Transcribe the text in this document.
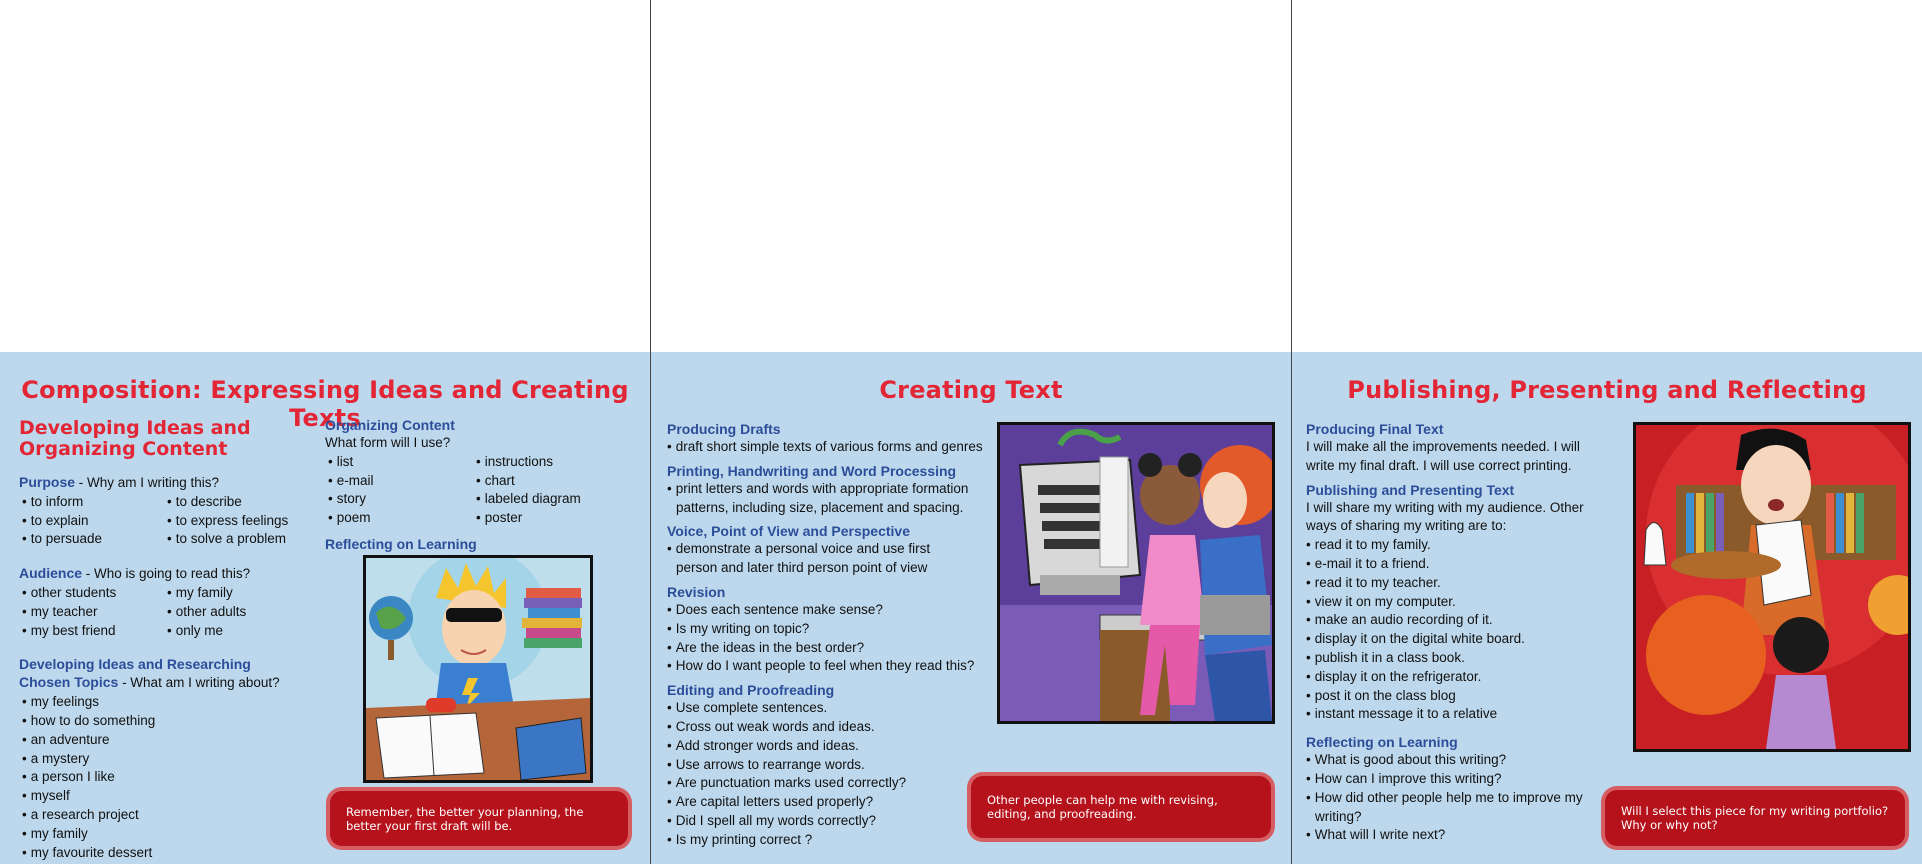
Composition: Expressing Ideas and Creating Texts
Developing Ideas and
Organizing Content
Purpose - Why am I writing this?
• to inform	• to describe
• to explain	• to express feelings
• to persuade	• to solve a problem
Audience - Who is going to read this?
• other students	• my family
• my teacher	• other adults
• my best friend	• only me
Developing Ideas and Researching
Chosen Topics - What am I writing about?
• my feelings
• how to do something
• an adventure
• a mystery
• a person I like
• myself
• a research project
• my family
• my favourite dessert
Organizing Content
What form will I use?
• list	• instructions
• e-mail	• chart
• story	• labeled diagram
• poem	• poster
Reflecting on Learning
Remember, the better your planning, the better your first draft will be.
Creating Text
Producing Drafts
• draft short simple texts of various forms and genres
Printing, Handwriting and Word Processing
• print letters and words with appropriate formation patterns, including size, placement and spacing.
Voice, Point of View and Perspective
• demonstrate a personal voice and use first person and later third person point of view
Revision
• Does each sentence make sense?
• Is my writing on topic?
• Are the ideas in the best order?
• How do I want people to feel when they read this?
Editing and Proofreading
• Use complete sentences.
• Cross out weak words and ideas.
• Add stronger words and ideas.
• Use arrows to rearrange words.
• Are punctuation marks used correctly?
• Are capital letters used properly?
• Did I spell all my words correctly?
• Is my printing correct ?
Other people can help me with revising, editing, and proofreading.
Publishing, Presenting and Reflecting
Producing Final Text
I will make all the improvements needed. I will write my final draft. I will use correct printing.
Publishing and Presenting Text
I will share my writing with my audience. Other ways of sharing my writing are to:
• read it to my family.
• e-mail it to a friend.
• read it to my teacher.
• view it on my computer.
• make an audio recording of it.
• display it on the digital white board.
• publish it in a class book.
• display it on the refrigerator.
• post it on the class blog
• instant message it to a relative
Reflecting on Learning
• What is good about this writing?
• How can I improve this writing?
• How did other people help me to improve my writing?
• What will I write next?
Will I select this piece for my writing portfolio? Why or why not?
